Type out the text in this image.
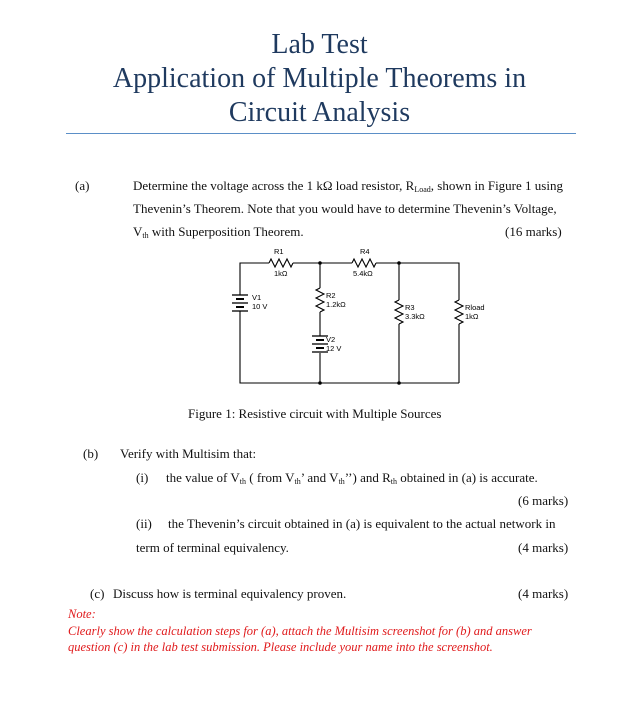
Lab Test
Application of Multiple Theorems in
Circuit Analysis
(a)	Determine the voltage across the 1 kΩ load resistor, $R_{Load}$, shown in Figure 1 using
Thevenin’s Theorem. Note that you would have to determine Thevenin’s Voltage,
$V_{th}$ with Superposition Theorem.	(16 marks)
R1
1kΩ
R4
5.4kΩ
V1
10 V
R2
1.2kΩ	R3
3.3kΩ
Rload
1kΩ
V2
12 V
Figure 1: Resistive circuit with Multiple Sources
(b) Verify with Multisim that:
(i) the value of $V_{th}$ ( from $V_{th}$’ and $V_{th}$’’) and $R_{th}$ obtained in (a) is accurate.
(6 marks)
(ii) the Thevenin’s circuit obtained in (a) is equivalent to the actual network in
term of terminal equivalency.	(4 marks)
(c) Discuss how is terminal equivalency proven.	(4 marks)
Note:
Clearly show the calculation steps for (a), attach the Multisim screenshot for (b) and answer
question (c) in the lab test submission. Please include your name into the screenshot.
